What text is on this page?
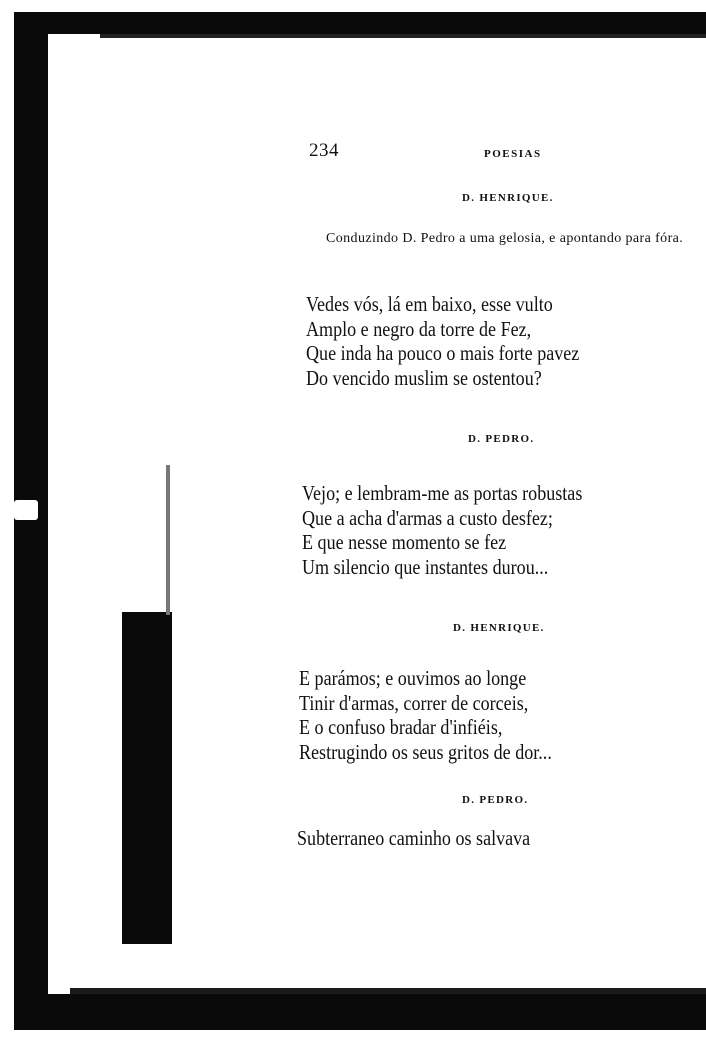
234	POESIAS
D. HENRIQUE.
Conduzindo D. Pedro a uma gelosia, e apontando para fóra.
Vedes vós, lá em baixo, esse vulto
Amplo e negro da torre de Fez,
Que inda ha pouco o mais forte pavez
Do vencido muslim se ostentou?
D. PEDRO.
Vejo; e lembram-me as portas robustas
Que a acha d'armas a custo desfez;
E que nesse momento se fez
Um silencio que instantes durou...
D. HENRIQUE.
E parámos; e ouvimos ao longe
Tinir d'armas, correr de corceis,
E o confuso bradar d'infiéis,
Restrugindo os seus gritos de dor...
D. PEDRO.
Subterraneo caminho os salvava
